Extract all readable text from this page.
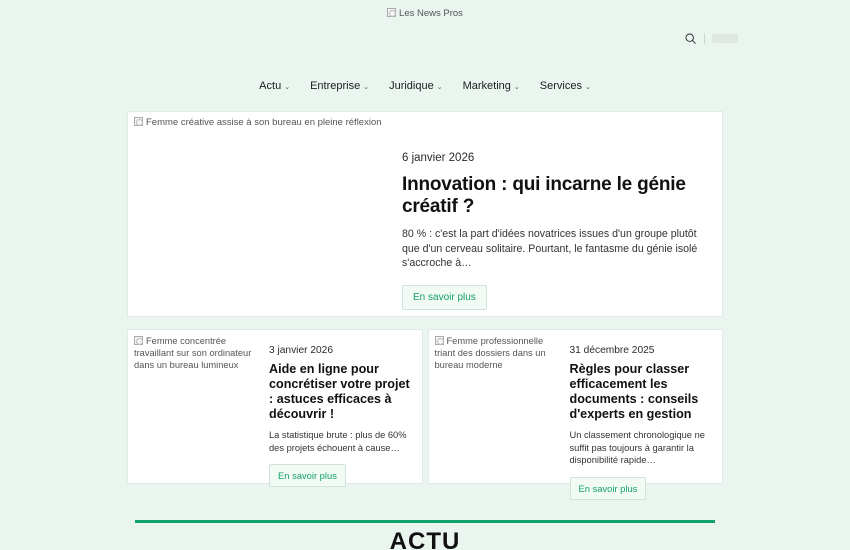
Les News Pros
Actu ⌄ Entreprise ⌄ Juridique ⌄ Marketing ⌄ Services ⌄
Femme créative assise à son bureau en pleine réflexion
6 janvier 2026
Innovation : qui incarne le génie créatif ?

80 % : c'est la part d'idées novatrices issues d'un groupe plutôt que d'un cerveau solitaire. Pourtant, le fantasme du génie isolé s'accroche à…

En savoir plus
Femme concentrée travaillant sur son ordinateur dans un bureau lumineux
3 janvier 2026
Aide en ligne pour concrétiser votre projet : astuces efficaces à découvrir !

La statistique brute : plus de 60% des projets échouent à cause…

En savoir plus
Femme professionnelle triant des dossiers dans un bureau moderne
31 décembre 2025
Règles pour classer efficacement les documents : conseils d'experts en gestion

Un classement chronologique ne suffit pas toujours à garantir la disponibilité rapide…

En savoir plus
ACTU
